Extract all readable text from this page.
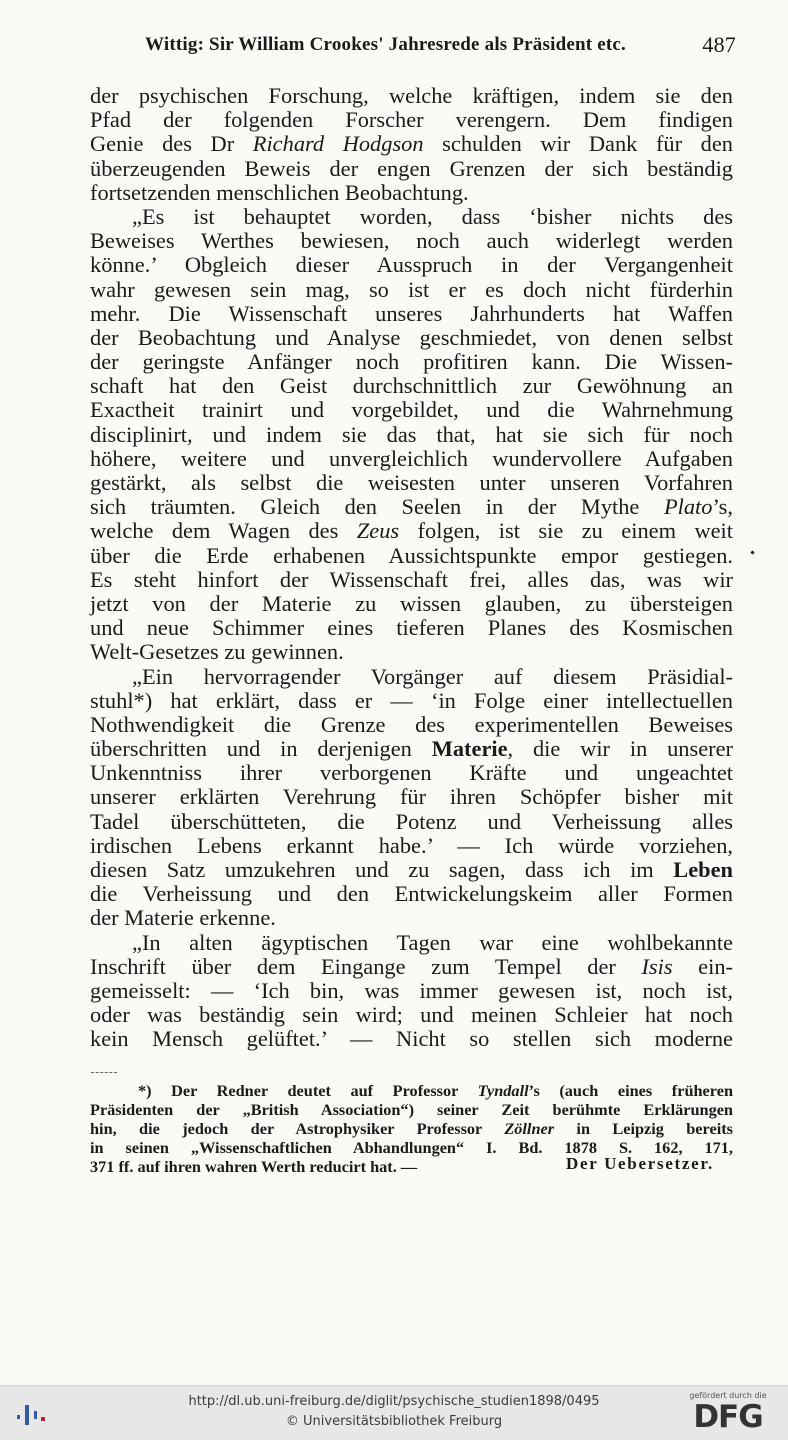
Wittig: Sir William Crookes' Jahresrede als Präsident etc.	487
der psychischen Forschung, welche kräftigen, indem sie den
Pfad der folgenden Forscher verengern. Dem findigen
Genie des Dr Richard Hodgson schulden wir Dank für den
überzeugenden Beweis der engen Grenzen der sich beständig
fortsetzenden menschlichen Beobachtung.
„Es ist behauptet worden, dass ‘bisher nichts des
Beweises Werthes bewiesen, noch auch widerlegt werden
könne.’ Obgleich dieser Ausspruch in der Vergangenheit
wahr gewesen sein mag, so ist er es doch nicht fürderhin
mehr. Die Wissenschaft unseres Jahrhunderts hat Waffen
der Beobachtung und Analyse geschmiedet, von denen selbst
der geringste Anfänger noch profitiren kann. Die Wissen-
schaft hat den Geist durchschnittlich zur Gewöhnung an
Exactheit trainirt und vorgebildet, und die Wahrnehmung
disciplinirt, und indem sie das that, hat sie sich für noch
höhere, weitere und unvergleichlich wundervollere Aufgaben
gestärkt, als selbst die weisesten unter unseren Vorfahren
sich träumten. Gleich den Seelen in der Mythe Plato’s,
welche dem Wagen des Zeus folgen, ist sie zu einem weit
über die Erde erhabenen Aussichtspunkte empor gestiegen.
Es steht hinfort der Wissenschaft frei, alles das, was wir
jetzt von der Materie zu wissen glauben, zu übersteigen
und neue Schimmer eines tieferen Planes des Kosmischen
Welt-Gesetzes zu gewinnen.
„Ein hervorragender Vorgänger auf diesem Präsidial-
stuhl*) hat erklärt, dass er — ‘in Folge einer intellectuellen
Nothwendigkeit die Grenze des experimentellen Beweises
überschritten und in derjenigen Materie, die wir in unserer
Unkenntniss ihrer verborgenen Kräfte und ungeachtet
unserer erklärten Verehrung für ihren Schöpfer bisher mit
Tadel überschütteten, die Potenz und Verheissung alles
irdischen Lebens erkannt habe.’ — Ich würde vorziehen,
diesen Satz umzukehren und zu sagen, dass ich im Leben
die Verheissung und den Entwickelungskeim aller Formen
der Materie erkenne.
„In alten ägyptischen Tagen war eine wohlbekannte
Inschrift über dem Eingange zum Tempel der Isis ein-
gemeisselt: — ‘Ich bin, was immer gewesen ist, noch ist,
oder was beständig sein wird; und meinen Schleier hat noch
kein Mensch gelüftet.’ — Nicht so stellen sich moderne
*) Der Redner deutet auf Professor Tyndall’s (auch eines früheren
Präsidenten der „British Association“) seiner Zeit berühmte Erklärungen
hin, die jedoch der Astrophysiker Professor Zöllner in Leipzig bereits
in seinen „Wissenschaftlichen Abhandlungen“ I. Bd. 1878 S. 162, 171,
371 ff. auf ihren wahren Werth reducirt hat. —	Der Uebersetzer.
http://dl.ub.uni-freiburg.de/diglit/psychische_studien1898/0495
© Universitätsbibliothek Freiburg
gefördert durch die
DFG
